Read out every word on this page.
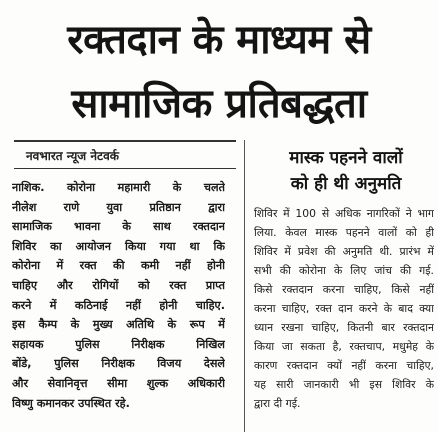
रक्तदान के माध्यम से
सामाजिक प्रतिबद्धता
नवभारत न्यूज नेटवर्क
नाशिक. कोरोना महामारी के चलते
नीलेश राणे युवा प्रतिष्ठान द्वारा
सामाजिक भावना के साथ रक्तदान
शिविर का आयोजन किया गया था कि
कोरोना में रक्त की कमी नहीं होनी
चाहिए और रोगियों को रक्त प्राप्त
करने में कठिनाई नहीं होनी चाहिए.
इस कैम्प के मुख्य अतिथि के रूप में
सहायक पुलिस निरीक्षक निखिल
बोंडे, पुलिस निरीक्षक विजय देसले
और सेवानिवृत्त सीमा शुल्क अधिकारी
विष्णु कमानकर उपस्थित रहे.
मास्क पहनने वालों
को ही थी अनुमति
शिविर में 100 से अधिक नागरिकों ने भाग
लिया. केवल मास्क पहनने वालों को ही
शिविर में प्रवेश की अनुमति थी. प्रारंभ में
सभी की कोरोना के लिए जांच की गई.
किसे रक्तदान करना चाहिए, किसे नहीं
करना चाहिए, रक्त दान करने के बाद क्या
ध्यान रखना चाहिए, कितनी बार रक्तदान
किया जा सकता है, रक्तचाप, मधुमेह के
कारण रक्तदान क्यों नहीं करना चाहिए,
यह सारी जानकारी भी इस शिविर के
द्वारा दी गई.
